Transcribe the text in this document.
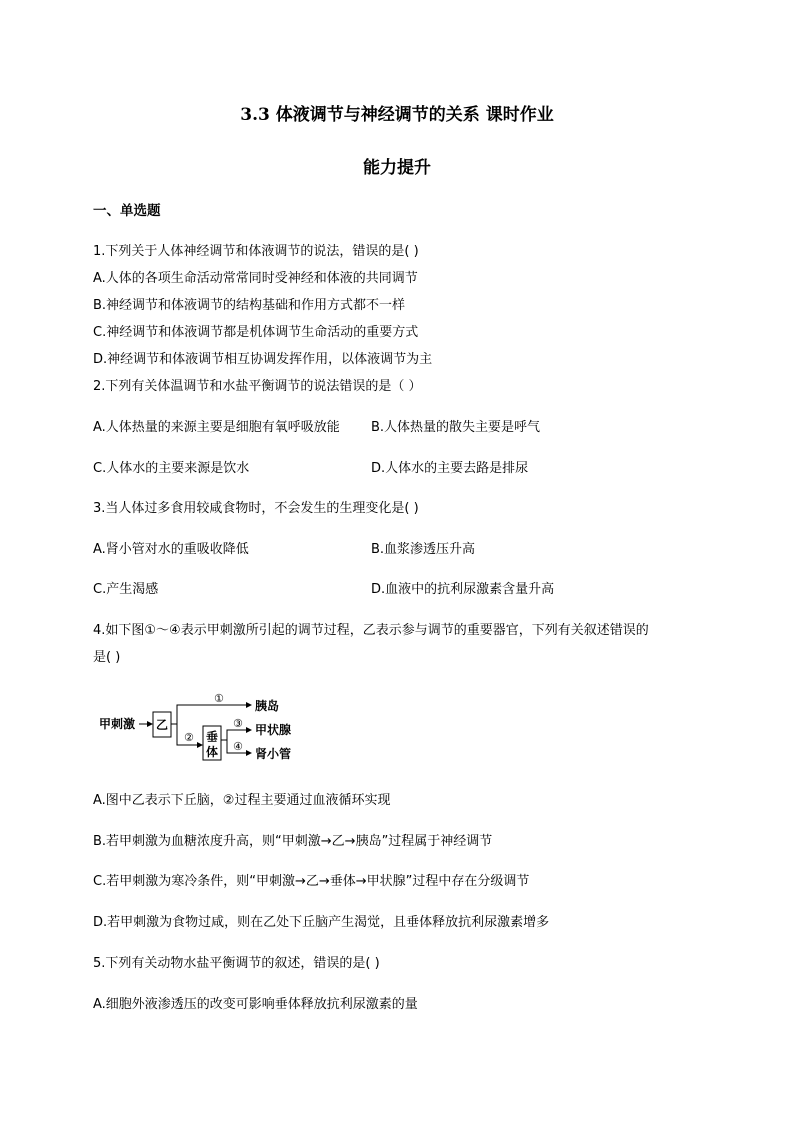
3.3 体液调节与神经调节的关系 课时作业
能力提升
一、单选题
1.下列关于人体神经调节和体液调节的说法，错误的是( )
A.人体的各项生命活动常常同时受神经和体液的共同调节
B.神经调节和体液调节的结构基础和作用方式都不一样
C.神经调节和体液调节都是机体调节生命活动的重要方式
D.神经调节和体液调节相互协调发挥作用，以体液调节为主
2.下列有关体温调节和水盐平衡调节的说法错误的是（ ）
A.人体热量的来源主要是细胞有氧呼吸放能 B.人体热量的散失主要是呼气
C.人体水的主要来源是饮水	D.人体水的主要去路是排尿
3.当人体过多食用较咸食物时，不会发生的生理变化是( )
A.肾小管对水的重吸收降低	B.血浆渗透压升高
C.产生渴感	D.血液中的抗利尿激素含量升高
4.如下图①～④表示甲刺激所引起的调节过程，乙表示参与调节的重要器官，下列有关叙述错误的
是( )
甲刺激 乙
①
胰岛
② 垂
体
③ 甲状腺
④
肾小管
A.图中乙表示下丘脑，②过程主要通过血液循环实现
B.若甲刺激为血糖浓度升高，则“甲刺激→乙→胰岛”过程属于神经调节
C.若甲刺激为寒冷条件，则“甲刺激→乙→垂体→甲状腺”过程中存在分级调节
D.若甲刺激为食物过咸，则在乙处下丘脑产生渴觉，且垂体释放抗利尿激素增多
5.下列有关动物水盐平衡调节的叙述，错误的是( )
A.细胞外液渗透压的改变可影响垂体释放抗利尿激素的量
